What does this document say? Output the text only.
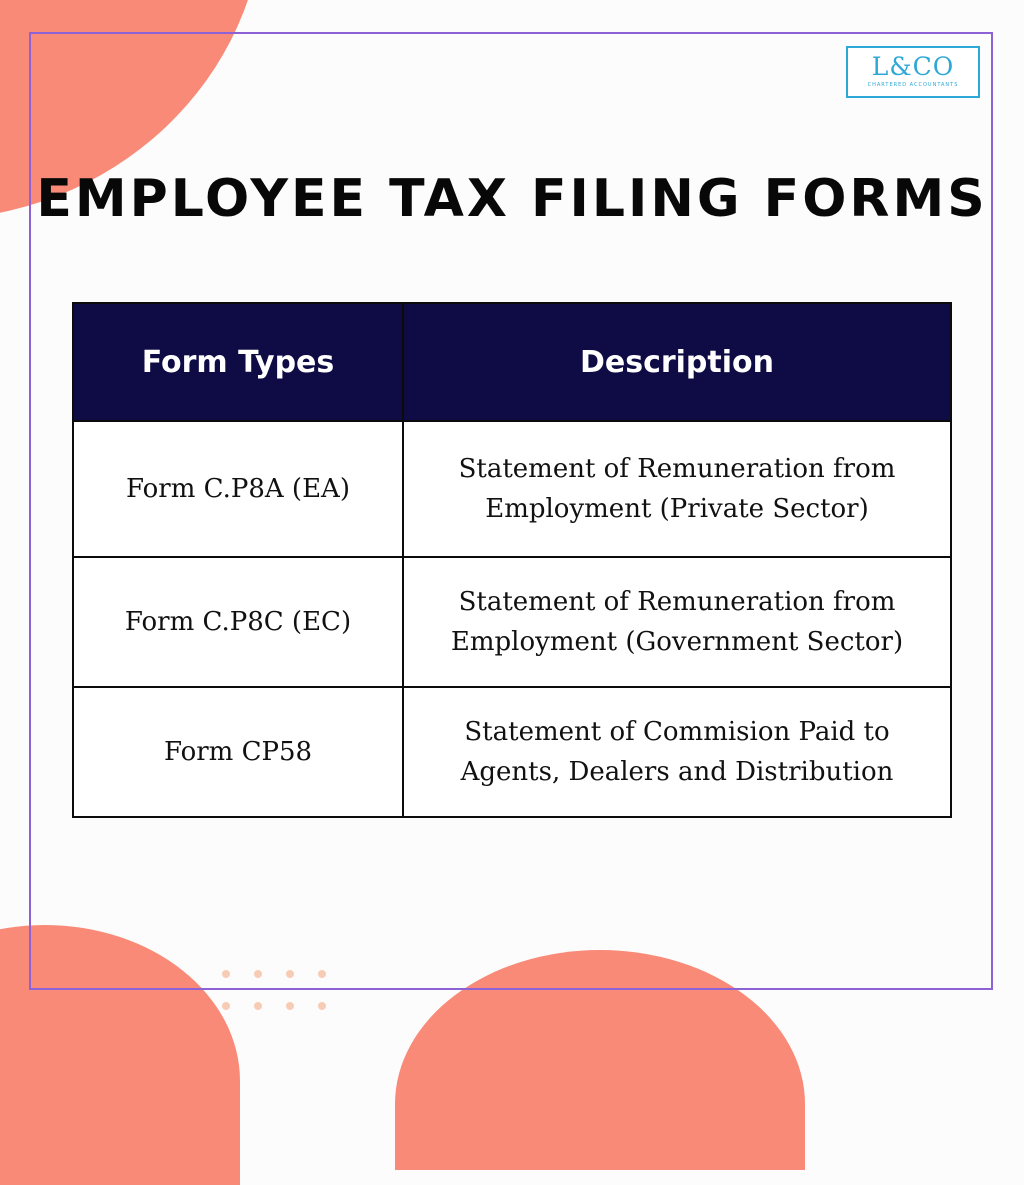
L&CO
CHARTERED ACCOUNTANTS
EMPLOYEE TAX FILING FORMS
Form Types	Description
Form C.P8A (EA)	Statement of Remuneration from
Employment (Private Sector)
Form C.P8C (EC)	Statement of Remuneration from
Employment (Government Sector)
Form CP58	Statement of Commision Paid to
Agents, Dealers and Distribution
